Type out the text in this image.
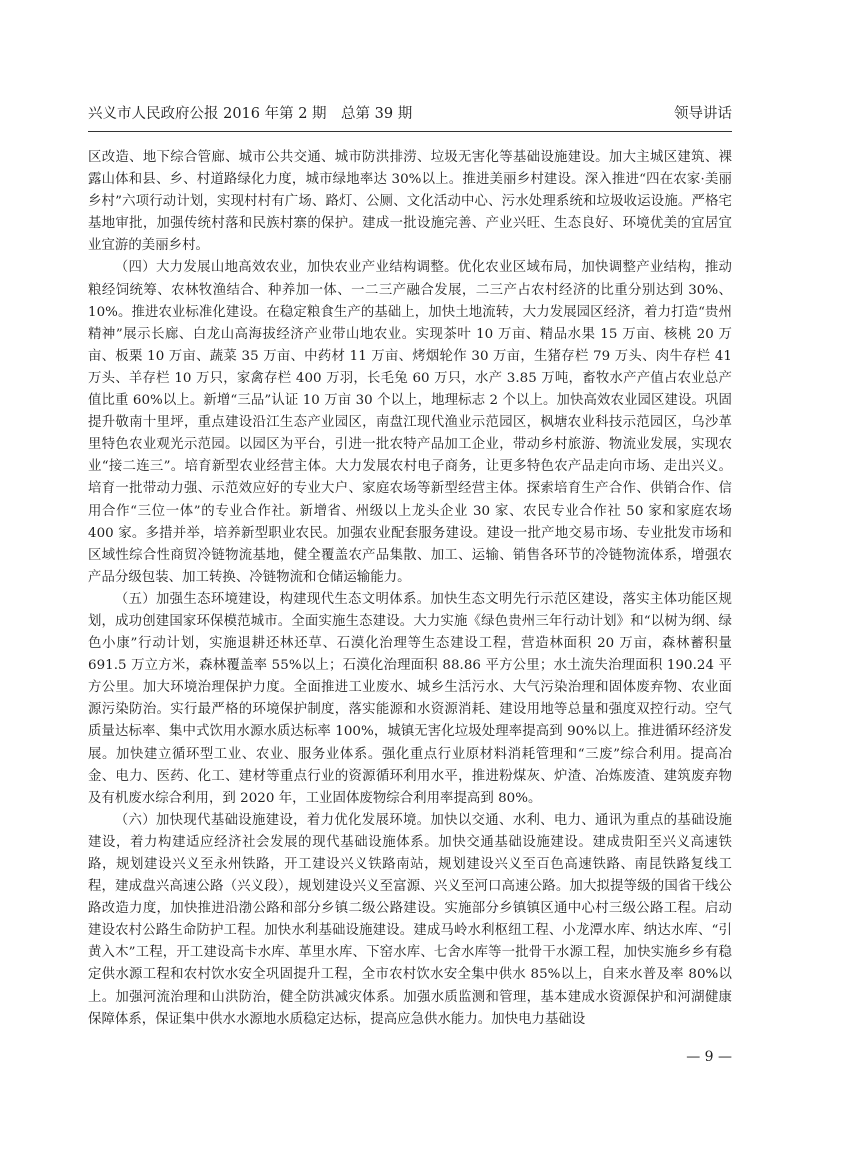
兴义市人民政府公报 2016 年第 2 期　总第 39 期	领导讲话

区改造、地下综合管廊、城市公共交通、城市防洪排涝、垃圾无害化等基础设施建设。加大主城区建筑、裸露山体和县、乡、村道路绿化力度，城市绿地率达 30%以上。推进美丽乡村建设。深入推进“四在农家·美丽乡村”六项行动计划，实现村村有广场、路灯、公厕、文化活动中心、污水处理系统和垃圾收运设施。严格宅基地审批，加强传统村落和民族村寨的保护。建成一批设施完善、产业兴旺、生态良好、环境优美的宜居宜业宜游的美丽乡村。

（四）大力发展山地高效农业，加快农业产业结构调整。优化农业区域布局，加快调整产业结构，推动粮经饲统筹、农林牧渔结合、种养加一体、一二三产融合发展，二三产占农村经济的比重分别达到 30%、10%。推进农业标准化建设。在稳定粮食生产的基础上，加快土地流转，大力发展园区经济，着力打造“贵州精神”展示长廊、白龙山高海拔经济产业带山地农业。实现茶叶 10 万亩、精品水果 15 万亩、核桃 20 万亩、板栗 10 万亩、蔬菜 35 万亩、中药材 11 万亩、烤烟轮作 30 万亩，生猪存栏 79 万头、肉牛存栏 41 万头、羊存栏 10 万只，家禽存栏 400 万羽，长毛兔 60 万只，水产 3.85 万吨，畜牧水产产值占农业总产值比重 60%以上。新增“三品”认证 10 万亩 30 个以上，地理标志 2 个以上。加快高效农业园区建设。巩固提升敬南十里坪，重点建设沿江生态产业园区，南盘江现代渔业示范园区，枫塘农业科技示范园区，乌沙革里特色农业观光示范园。以园区为平台，引进一批农特产品加工企业，带动乡村旅游、物流业发展，实现农业“接二连三”。培育新型农业经营主体。大力发展农村电子商务，让更多特色农产品走向市场、走出兴义。培育一批带动力强、示范效应好的专业大户、家庭农场等新型经营主体。探索培育生产合作、供销合作、信用合作“三位一体”的专业合作社。新增省、州级以上龙头企业 30 家、农民专业合作社 50 家和家庭农场 400 家。多措并举，培养新型职业农民。加强农业配套服务建设。建设一批产地交易市场、专业批发市场和区域性综合性商贸冷链物流基地，健全覆盖农产品集散、加工、运输、销售各环节的冷链物流体系，增强农产品分级包装、加工转换、冷链物流和仓储运输能力。

（五）加强生态环境建设，构建现代生态文明体系。加快生态文明先行示范区建设，落实主体功能区规划，成功创建国家环保模范城市。全面实施生态建设。大力实施《绿色贵州三年行动计划》和“以树为纲、绿色小康”行动计划，实施退耕还林还草、石漠化治理等生态建设工程，营造林面积 20 万亩，森林蓄积量 691.5 万立方米，森林覆盖率 55%以上；石漠化治理面积 88.86 平方公里；水土流失治理面积 190.24 平方公里。加大环境治理保护力度。全面推进工业废水、城乡生活污水、大气污染治理和固体废弃物、农业面源污染防治。实行最严格的环境保护制度，落实能源和水资源消耗、建设用地等总量和强度双控行动。空气质量达标率、集中式饮用水源水质达标率 100%，城镇无害化垃圾处理率提高到 90%以上。推进循环经济发展。加快建立循环型工业、农业、服务业体系。强化重点行业原材料消耗管理和“三废”综合利用。提高冶金、电力、医药、化工、建材等重点行业的资源循环利用水平，推进粉煤灰、炉渣、冶炼废渣、建筑废弃物及有机废水综合利用，到 2020 年，工业固体废物综合利用率提高到 80%。

（六）加快现代基础设施建设，着力优化发展环境。加快以交通、水利、电力、通讯为重点的基础设施建设，着力构建适应经济社会发展的现代基础设施体系。加快交通基础设施建设。建成贵阳至兴义高速铁路，规划建设兴义至永州铁路，开工建设兴义铁路南站，规划建设兴义至百色高速铁路、南昆铁路复线工程，建成盘兴高速公路（兴义段），规划建设兴义至富源、兴义至河口高速公路。加大拟提等级的国省干线公路改造力度，加快推进沿渤公路和部分乡镇二级公路建设。实施部分乡镇镇区通中心村三级公路工程。启动建设农村公路生命防护工程。加快水利基础设施建设。建成马岭水利枢纽工程、小龙潭水库、纳达水库、“引黄入木”工程，开工建设高卡水库、革里水库、下窑水库、七舍水库等一批骨干水源工程，加快实施乡乡有稳定供水源工程和农村饮水安全巩固提升工程，全市农村饮水安全集中供水 85%以上，自来水普及率 80%以上。加强河流治理和山洪防治，健全防洪减灾体系。加强水质监测和管理，基本建成水资源保护和河湖健康保障体系，保证集中供水水源地水质稳定达标，提高应急供水能力。加快电力基础设

— 9 —
